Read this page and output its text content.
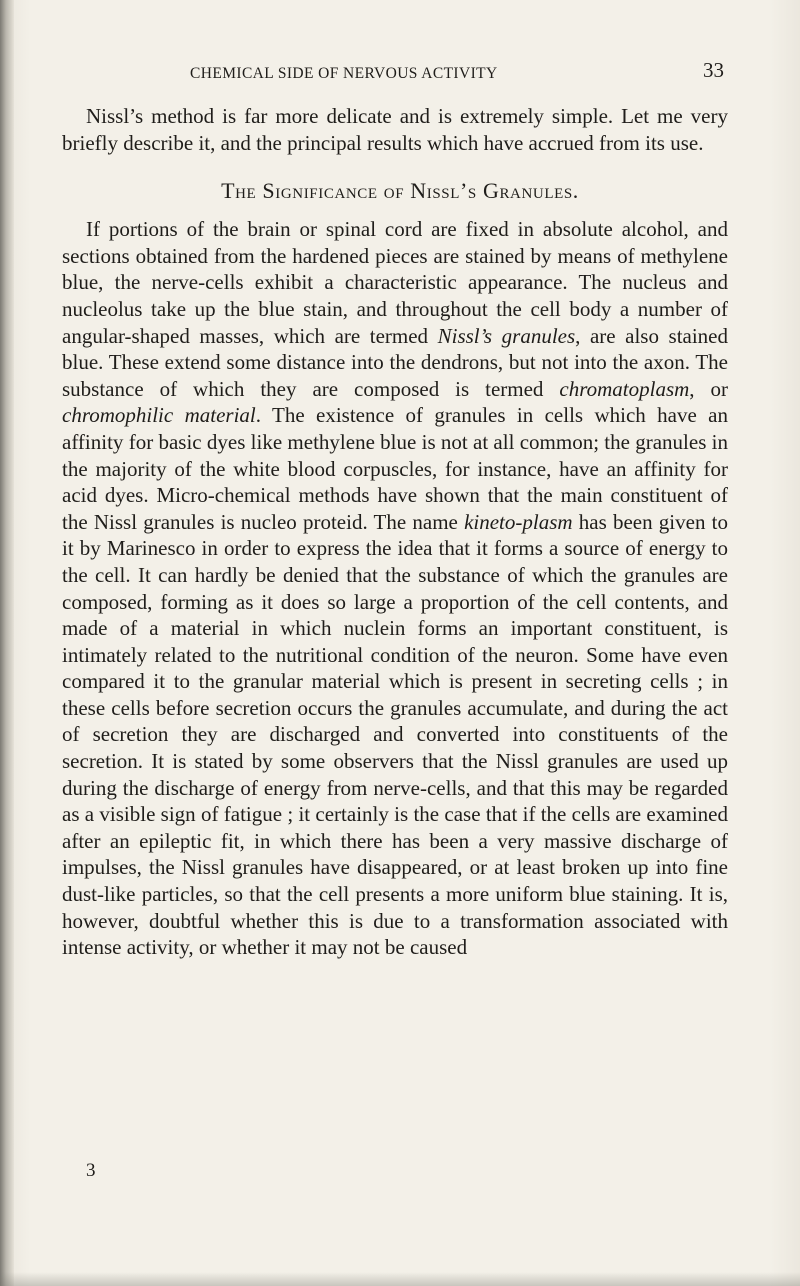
CHEMICAL SIDE OF NERVOUS ACTIVITY	33

Nissl’s method is far more delicate and is extremely simple. Let me very briefly describe it, and the principal results which have accrued from its use.

The Significance of Nissl’s Granules.

If portions of the brain or spinal cord are fixed in absolute alcohol, and sections obtained from the hardened pieces are stained by means of methylene blue, the nerve-cells exhibit a characteristic appearance. The nucleus and nucleolus take up the blue stain, and throughout the cell body a number of angular-shaped masses, which are termed Nissl’s granules, are also stained blue. These extend some distance into the dendrons, but not into the axon. The substance of which they are composed is termed chromatoplasm, or chromophilic material. The existence of granules in cells which have an affinity for basic dyes like methylene blue is not at all common; the granules in the majority of the white blood corpuscles, for instance, have an affinity for acid dyes. Micro-chemical methods have shown that the main constituent of the Nissl granules is nucleo proteid. The name kineto-plasm has been given to it by Marinesco in order to express the idea that it forms a source of energy to the cell. It can hardly be denied that the substance of which the granules are composed, forming as it does so large a proportion of the cell contents, and made of a material in which nuclein forms an important constituent, is intimately related to the nutritional condition of the neuron. Some have even compared it to the granular material which is present in secreting cells ; in these cells before secretion occurs the granules accumulate, and during the act of secretion they are discharged and converted into constituents of the secretion. It is stated by some observers that the Nissl granules are used up during the discharge of energy from nerve-cells, and that this may be regarded as a visible sign of fatigue ; it certainly is the case that if the cells are examined after an epileptic fit, in which there has been a very massive discharge of impulses, the Nissl granules have disappeared, or at least broken up into fine dust-like particles, so that the cell presents a more uniform blue staining. It is, however, doubtful whether this is due to a transformation associated with intense activity, or whether it may not be caused

3
